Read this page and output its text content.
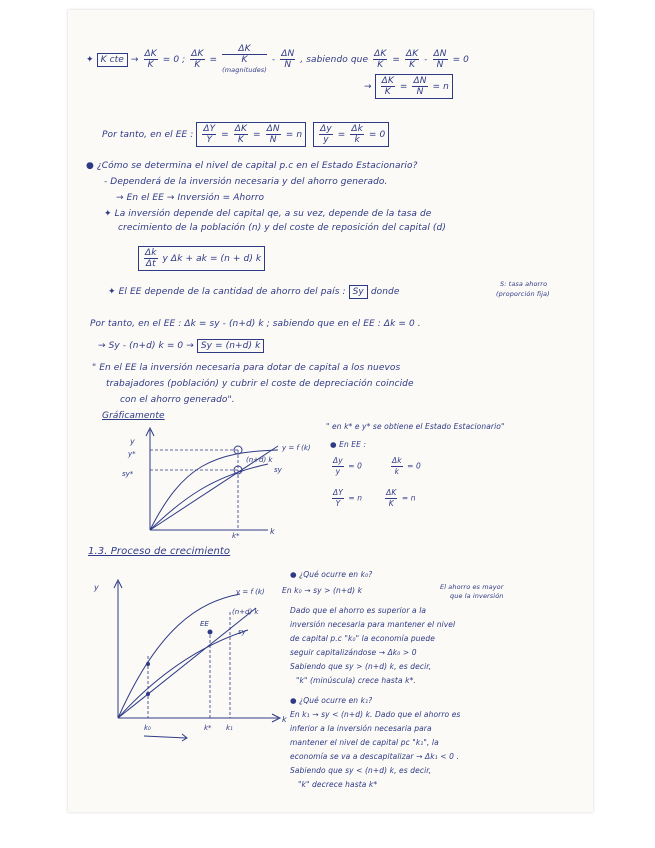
✦ K cte → $\frac{\Delta K}{K} = 0$ ; $\frac{\Delta K}{K}$ =
ΔK
K
(magnitudes)
- $\frac{\Delta N}{N}$ , sabiendo que $\frac{\Delta K}{K} = \frac{\Delta K}{K} - \frac{\Delta N}{N} = 0$
→ $\frac{\Delta K}{K} = \frac{\Delta N}{N} = n$
Por tanto, en el EE : $\frac{\Delta Y}{Y} = \frac{\Delta K}{K} = \frac{\Delta N}{N} = n \frac{\Delta y}{y} = \frac{\Delta k}{k} = 0$
● ¿Cómo se determina el nivel de capital p.c en el Estado Estacionario?
- Dependerá de la inversión necesaria y del ahorro generado.
→ En el EE → Inversión = Ahorro
✦ La inversión depende del capital qe, a su vez, depende de la tasa de
crecimiento de la población (n) y del coste de reposición del capital (d)
$\frac{\Delta k}{\Delta t}$ y Δk + ak = (n + d) k
✦ El EE depende de la cantidad de ahorro del país : Sy donde
S: tasa ahorro
(proporción fija)
Por tanto, en el EE : Δk = sy - (n+d) k ; sabiendo que en el EE : Δk = 0 .
→ Sy - (n+d) k = 0 → Sy = (n+d) k
" En el EE la inversión necesaria para dotar de capital a los nuevos
trabajadores (población) y cubrir el coste de depreciación coincide
con el ahorro generado".
Gráficamente
y
y*
sy*
y = f (k)
(n+d) k
sy
k*	k
" en k* e y* se obtiene el Estado Estacionario"
● En EE :
$\frac{\Delta y}{y} = 0$	$\frac{\Delta k}{k} = 0$
$\frac{\Delta Y}{Y} = n$	$\frac{\Delta K}{K} = n$
1.3. Proceso de crecimiento
y	y = f (k)
(n+d) k
EE
sy
k₀	k* k₁
k
● ¿Qué ocurre en k₀?
En k₀ → sy > (n+d) k	El ahorro es mayor
que la inversión
Dado que el ahorro es superior a la
inversión necesaria para mantener el nivel
de capital p.c "k₀" la economía puede
seguir capitalizándose → Δk₀ > 0
Sabiendo que sy > (n+d) k, es decir,
"k" (minúscula) crece hasta k*.
● ¿Qué ocurre en k₁?
En k₁ → sy < (n+d) k. Dado que el ahorro es
inferior a la inversión necesaria para
mantener el nivel de capital pc "k₁", la
economía se va a descapitalizar → Δk₁ < 0 .
Sabiendo que sy < (n+d) k, es decir,
"k" decrece hasta k*
